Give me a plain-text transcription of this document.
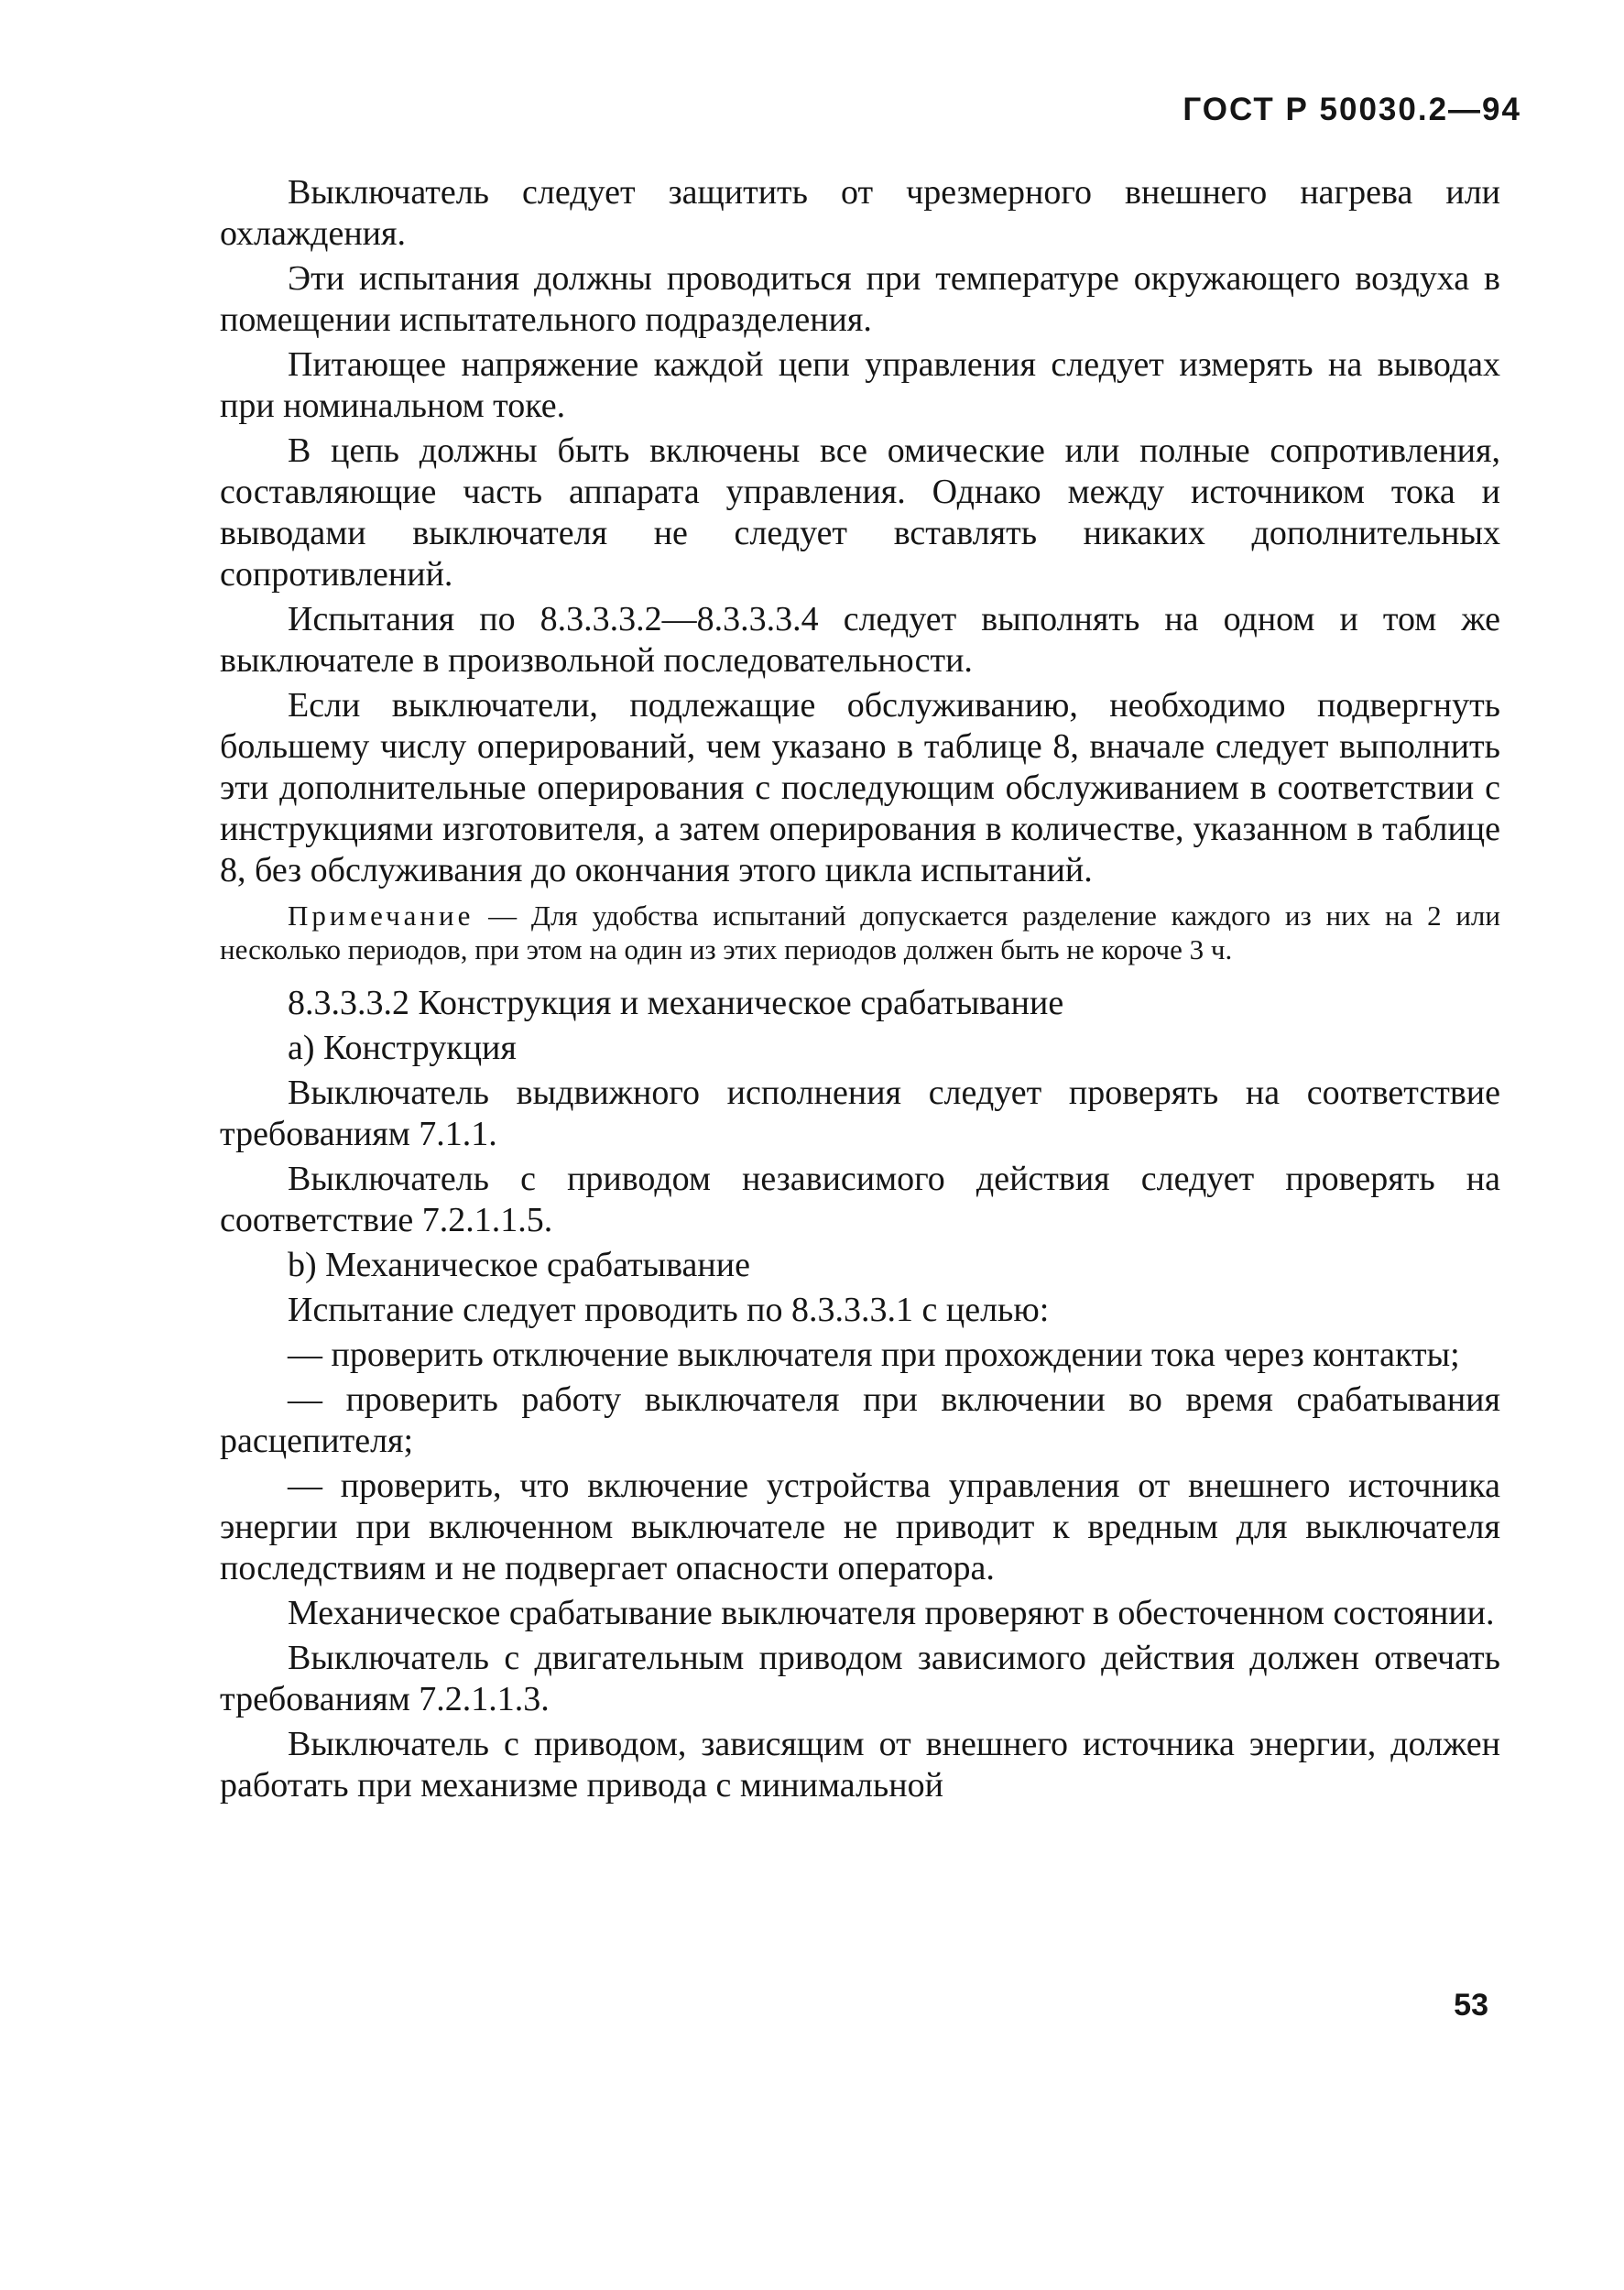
ГОСТ Р 50030.2—94

Выключатель следует защитить от чрезмерного внешнего нагрева или охлаждения.

Эти испытания должны проводиться при температуре окружающего воздуха в помещении испытательного подразделения.

Питающее напряжение каждой цепи управления следует измерять на выводах при номинальном токе.

В цепь должны быть включены все омические или полные сопротивления, составляющие часть аппарата управления. Однако между источником тока и выводами выключателя не следует вставлять никаких дополнительных сопротивлений.

Испытания по 8.3.3.3.2—8.3.3.3.4 следует выполнять на одном и том же выключателе в произвольной последовательности.

Если выключатели, подлежащие обслуживанию, необходимо подвергнуть большему числу оперирований, чем указано в таблице 8, вначале следует выполнить эти дополнительные оперирования с последующим обслуживанием в соответствии с инструкциями изготовителя, а затем оперирования в количестве, указанном в таблице 8, без обслуживания до окончания этого цикла испытаний.

Примечание — Для удобства испытаний допускается разделение каждого из них на 2 или несколько периодов, при этом на один из этих периодов должен быть не короче 3 ч.

8.3.3.3.2 Конструкция и механическое срабатывание

a) Конструкция

Выключатель выдвижного исполнения следует проверять на соответствие требованиям 7.1.1.

Выключатель с приводом независимого действия следует проверять на соответствие 7.2.1.1.5.

b) Механическое срабатывание

Испытание следует проводить по 8.3.3.3.1 с целью:

— проверить отключение выключателя при прохождении тока через контакты;

— проверить работу выключателя при включении во время срабатывания расцепителя;

— проверить, что включение устройства управления от внешнего источника энергии при включенном выключателе не приводит к вредным для выключателя последствиям и не подвергает опасности оператора.

Механическое срабатывание выключателя проверяют в обесточенном состоянии.

Выключатель с двигательным приводом зависимого действия должен отвечать требованиям 7.2.1.1.3.

Выключатель с приводом, зависящим от внешнего источника энергии, должен работать при механизме привода с минимальной

53
